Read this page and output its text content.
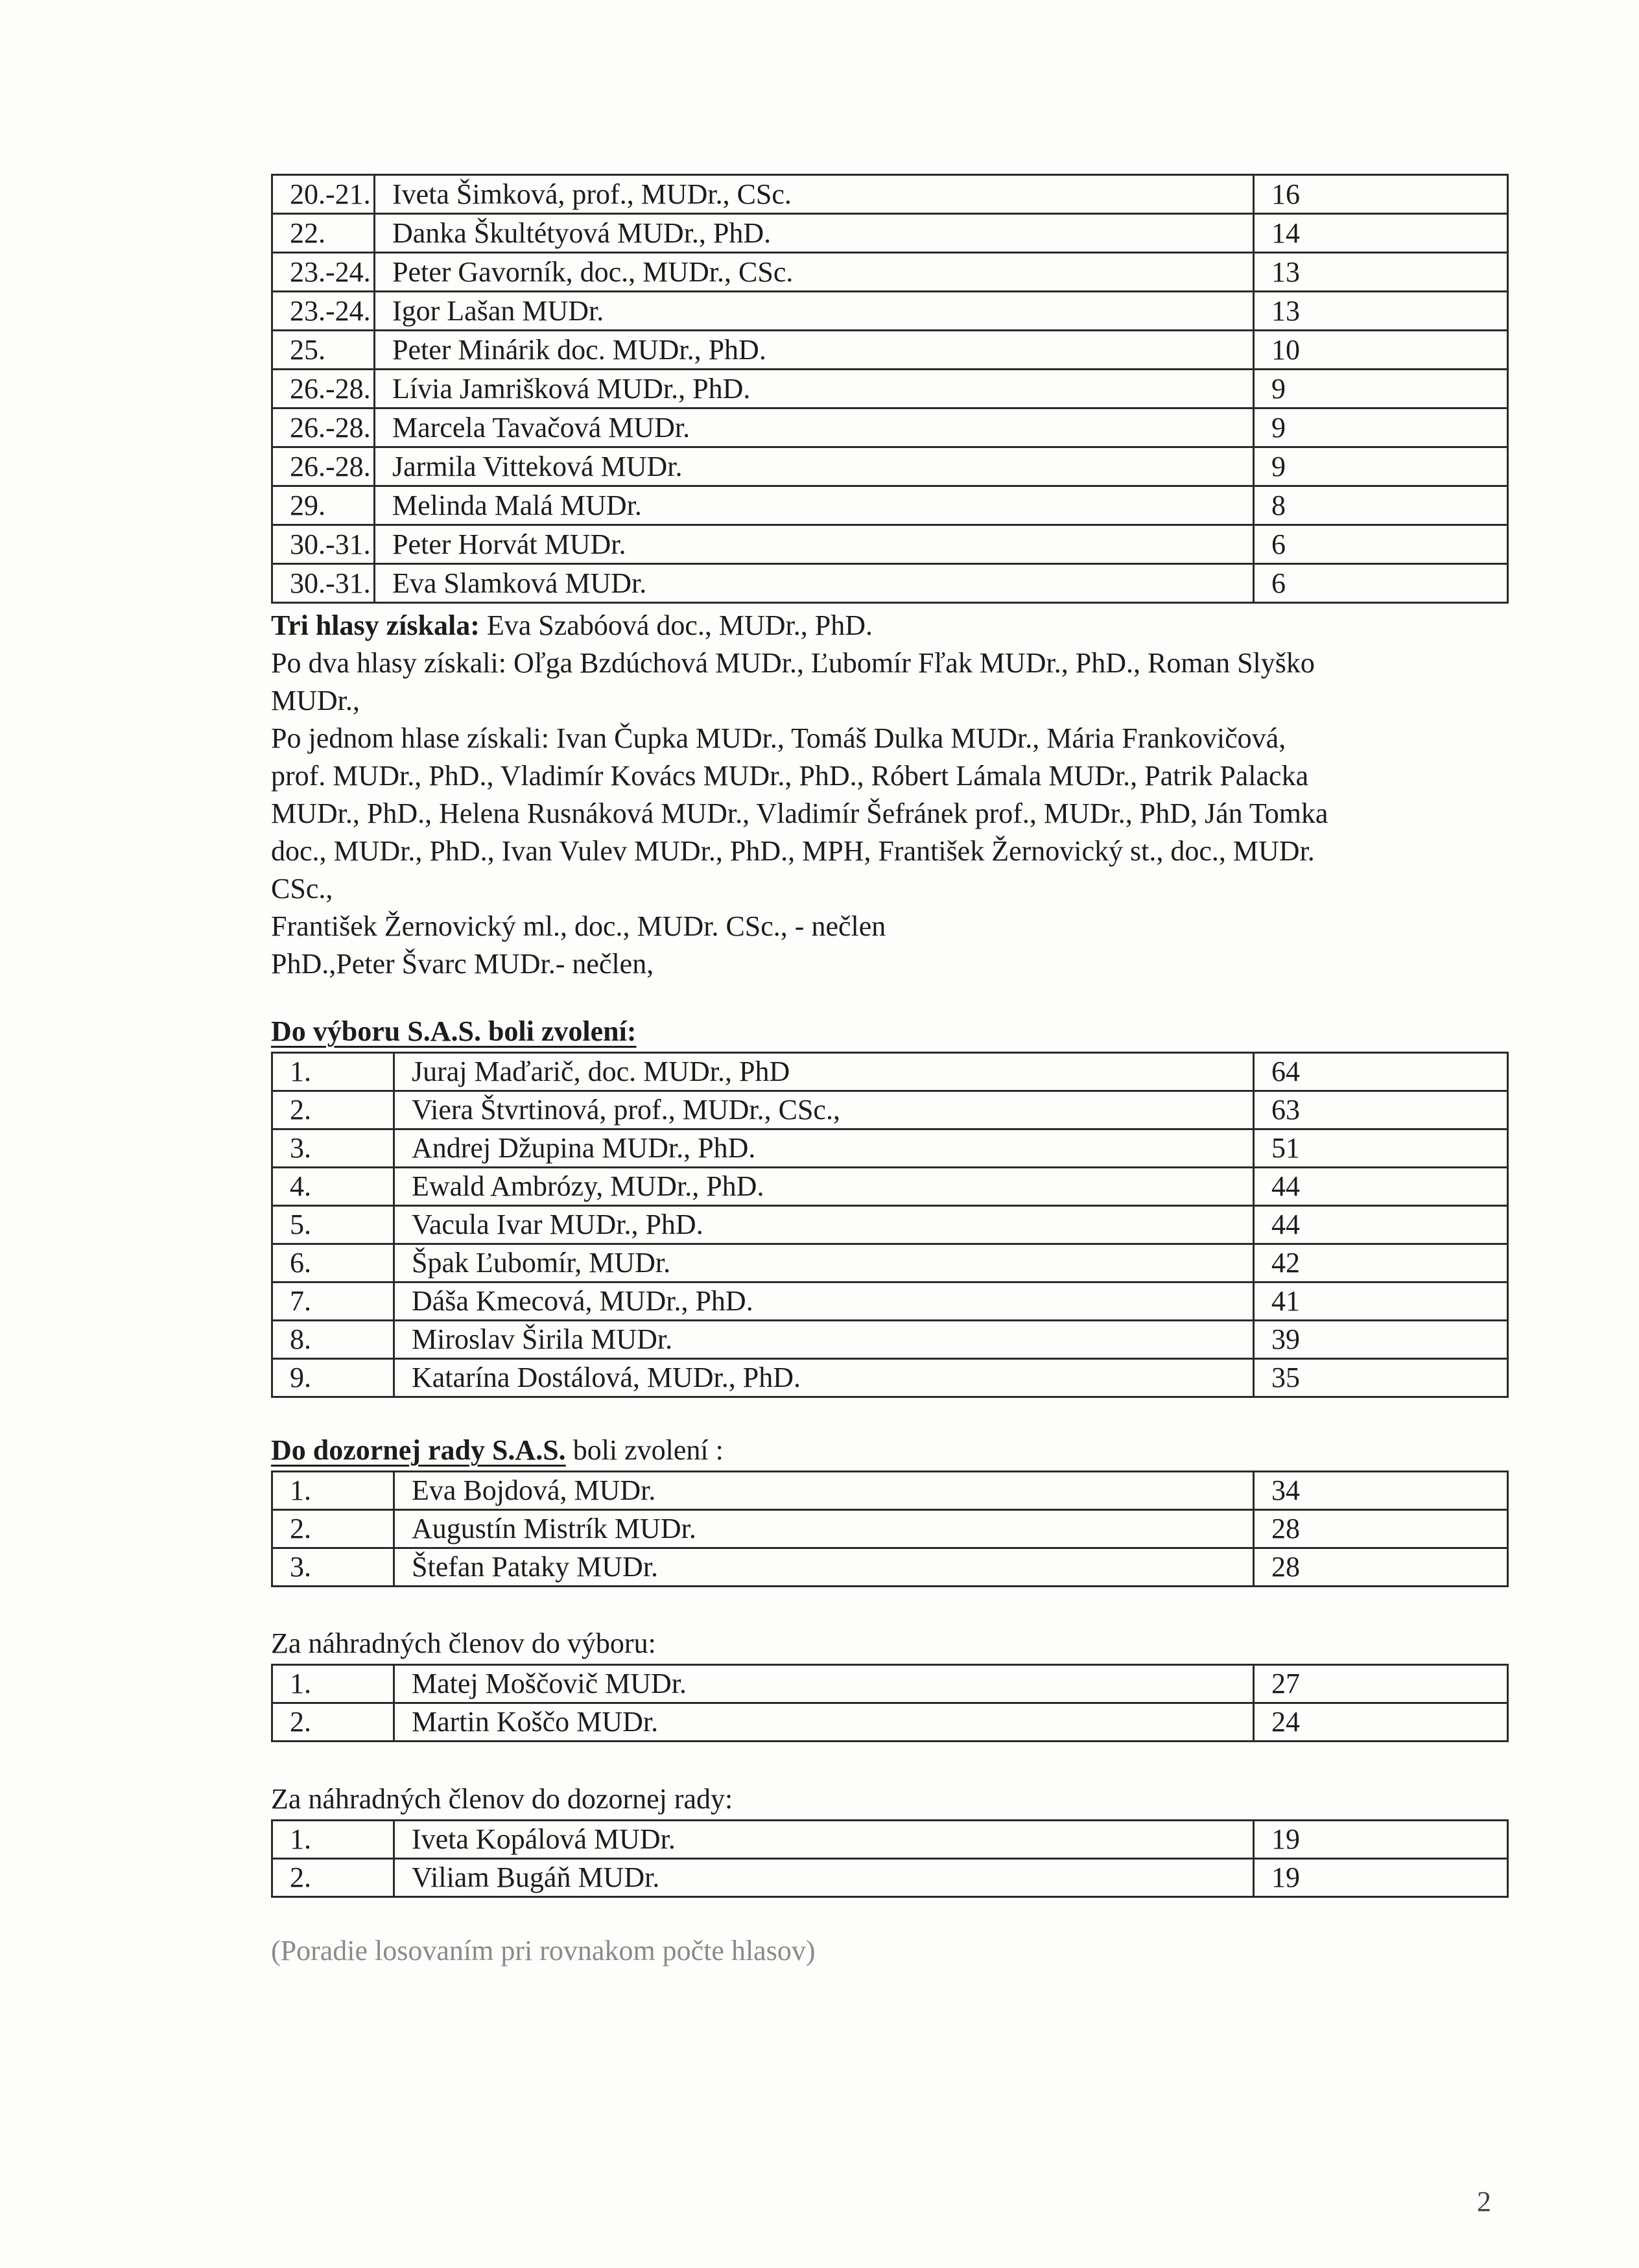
20.-21.	Iveta Šimková, prof., MUDr., CSc.	16
22.	Danka Škultétyová MUDr., PhD.	14
23.-24.	Peter Gavorník, doc., MUDr., CSc.	13
23.-24.	Igor Lašan MUDr.	13
25.	Peter Minárik doc. MUDr., PhD.	10
26.-28.	Lívia Jamrišková MUDr., PhD.	9
26.-28.	Marcela Tavačová MUDr.	9
26.-28.	Jarmila Vitteková MUDr.	9
29.	Melinda Malá MUDr.	8
30.-31.	Peter Horvát MUDr.	6
30.-31.	Eva Slamková MUDr.	6
Tri hlasy získala: Eva Szabóová doc., MUDr., PhD.
Po dva hlasy získali: Oľga Bzdúchová MUDr., Ľubomír Fľak MUDr., PhD., Roman Slyško
MUDr.,
Po jednom hlase získali: Ivan Čupka MUDr., Tomáš Dulka MUDr., Mária Frankovičová,
prof. MUDr., PhD., Vladimír Kovács MUDr., PhD., Róbert Lámala MUDr., Patrik Palacka
MUDr., PhD., Helena Rusnáková MUDr., Vladimír Šefránek prof., MUDr., PhD, Ján Tomka
doc., MUDr., PhD., Ivan Vulev MUDr., PhD., MPH, František Žernovický st., doc., MUDr.
CSc.,
František Žernovický ml., doc., MUDr. CSc., - nečlen
PhD.,Peter Švarc MUDr.- nečlen,
Do výboru S.A.S. boli zvolení:
1.	Juraj Maďarič, doc. MUDr., PhD	64
2.	Viera Štvrtinová, prof., MUDr., CSc.,	63
3.	Andrej Džupina MUDr., PhD.	51
4.	Ewald Ambrózy, MUDr., PhD.	44
5.	Vacula Ivar MUDr., PhD.	44
6.	Špak Ľubomír, MUDr.	42
7.	Dáša Kmecová, MUDr., PhD.	41
8.	Miroslav Širila MUDr.	39
9.	Katarína Dostálová, MUDr., PhD.	35
Do dozornej rady S.A.S. boli zvolení :
1.	Eva Bojdová, MUDr.	34
2.	Augustín Mistrík MUDr.	28
3.	Štefan Pataky MUDr.	28
Za náhradných členov do výboru:
1.	Matej Moščovič MUDr.	27
2.	Martin Koščo MUDr.	24
Za náhradných členov do dozornej rady:
1.	Iveta Kopálová MUDr.	19
2.	Viliam Bugáň MUDr.	19
(Poradie losovaním pri rovnakom počte hlasov)
2
